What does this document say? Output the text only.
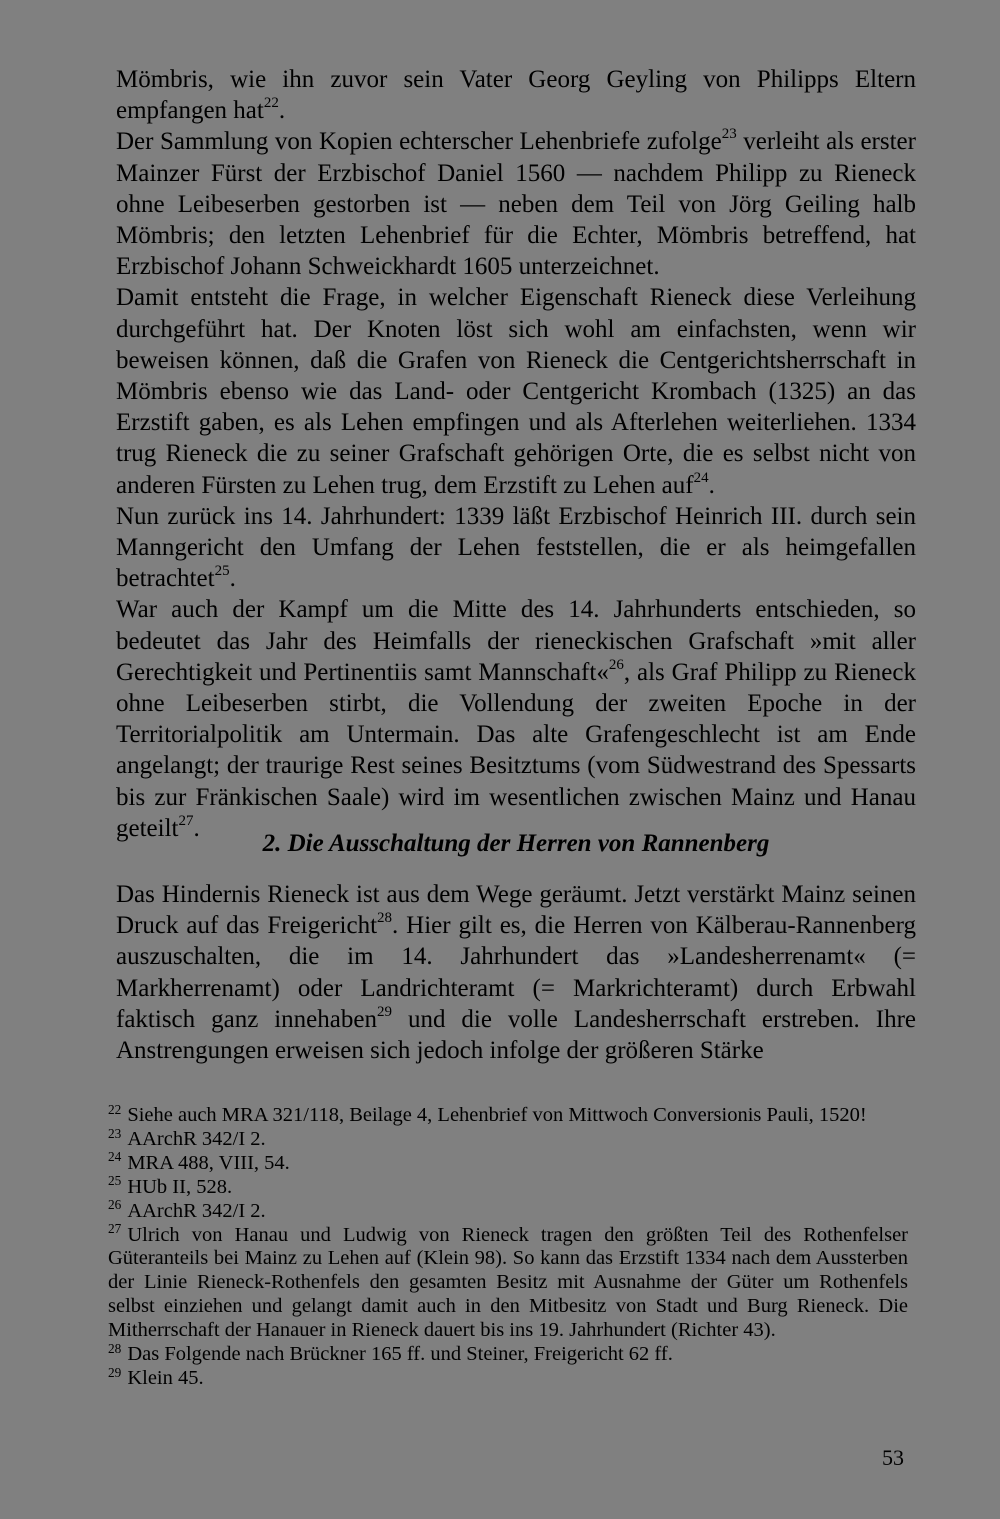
Mömbris, wie ihn zuvor sein Vater Georg Geyling von Philipps Eltern empfangen hat$^{22}$.

Der Sammlung von Kopien echterscher Lehenbriefe zufolge$^{23}$ verleiht als erster Mainzer Fürst der Erzbischof Daniel 1560 — nachdem Philipp zu Rieneck ohne Leibeserben gestorben ist — neben dem Teil von Jörg Geiling halb Mömbris; den letzten Lehenbrief für die Echter, Mömbris betreffend, hat Erzbischof Johann Schweickhardt 1605 unterzeichnet.

Damit entsteht die Frage, in welcher Eigenschaft Rieneck diese Verleihung durchgeführt hat. Der Knoten löst sich wohl am einfachsten, wenn wir beweisen können, daß die Grafen von Rieneck die Centgerichtsherrschaft in Mömbris ebenso wie das Land- oder Centgericht Krombach (1325) an das Erzstift gaben, es als Lehen empfingen und als Afterlehen weiterliehen. 1334 trug Rieneck die zu seiner Grafschaft gehörigen Orte, die es selbst nicht von anderen Fürsten zu Lehen trug, dem Erzstift zu Lehen auf$^{24}$.

Nun zurück ins 14. Jahrhundert: 1339 läßt Erzbischof Heinrich III. durch sein Manngericht den Umfang der Lehen feststellen, die er als heimgefallen betrachtet$^{25}$.

War auch der Kampf um die Mitte des 14. Jahrhunderts entschieden, so bedeutet das Jahr des Heimfalls der rieneckischen Grafschaft »mit aller Gerechtigkeit und Pertinentiis samt Mannschaft«$^{26}$, als Graf Philipp zu Rieneck ohne Leibeserben stirbt, die Vollendung der zweiten Epoche in der Territorialpolitik am Untermain. Das alte Grafengeschlecht ist am Ende angelangt; der traurige Rest seines Besitztums (vom Südwestrand des Spessarts bis zur Fränkischen Saale) wird im wesentlichen zwischen Mainz und Hanau geteilt$^{27}$.

2. Die Ausschaltung der Herren von Rannenberg

Das Hindernis Rieneck ist aus dem Wege geräumt. Jetzt verstärkt Mainz seinen Druck auf das Freigericht$^{28}$. Hier gilt es, die Herren von Kälberau-Rannenberg auszuschalten, die im 14. Jahrhundert das »Landesherrenamt« (= Markherrenamt) oder Landrichteramt (= Markrichteramt) durch Erbwahl faktisch ganz innehaben$^{29}$ und die volle Landesherrschaft erstreben. Ihre Anstrengungen erweisen sich jedoch infolge der größeren Stärke

$^{22}$ Siehe auch MRA 321/118, Beilage 4, Lehenbrief von Mittwoch Conversionis Pauli, 1520!

$^{23}$ AArchR 342/I 2.

$^{24}$ MRA 488, VIII, 54.

$^{25}$ HUb II, 528.

$^{26}$ AArchR 342/I 2.

$^{27}$ Ulrich von Hanau und Ludwig von Rieneck tragen den größten Teil des Rothenfelser Güteranteils bei Mainz zu Lehen auf (Klein 98). So kann das Erzstift 1334 nach dem Aussterben der Linie Rieneck-Rothenfels den gesamten Besitz mit Ausnahme der Güter um Rothenfels selbst einziehen und gelangt damit auch in den Mitbesitz von Stadt und Burg Rieneck. Die Mitherrschaft der Hanauer in Rieneck dauert bis ins 19. Jahrhundert (Richter 43).

$^{28}$ Das Folgende nach Brückner 165 ff. und Steiner, Freigericht 62 ff.

$^{29}$ Klein 45.

53
